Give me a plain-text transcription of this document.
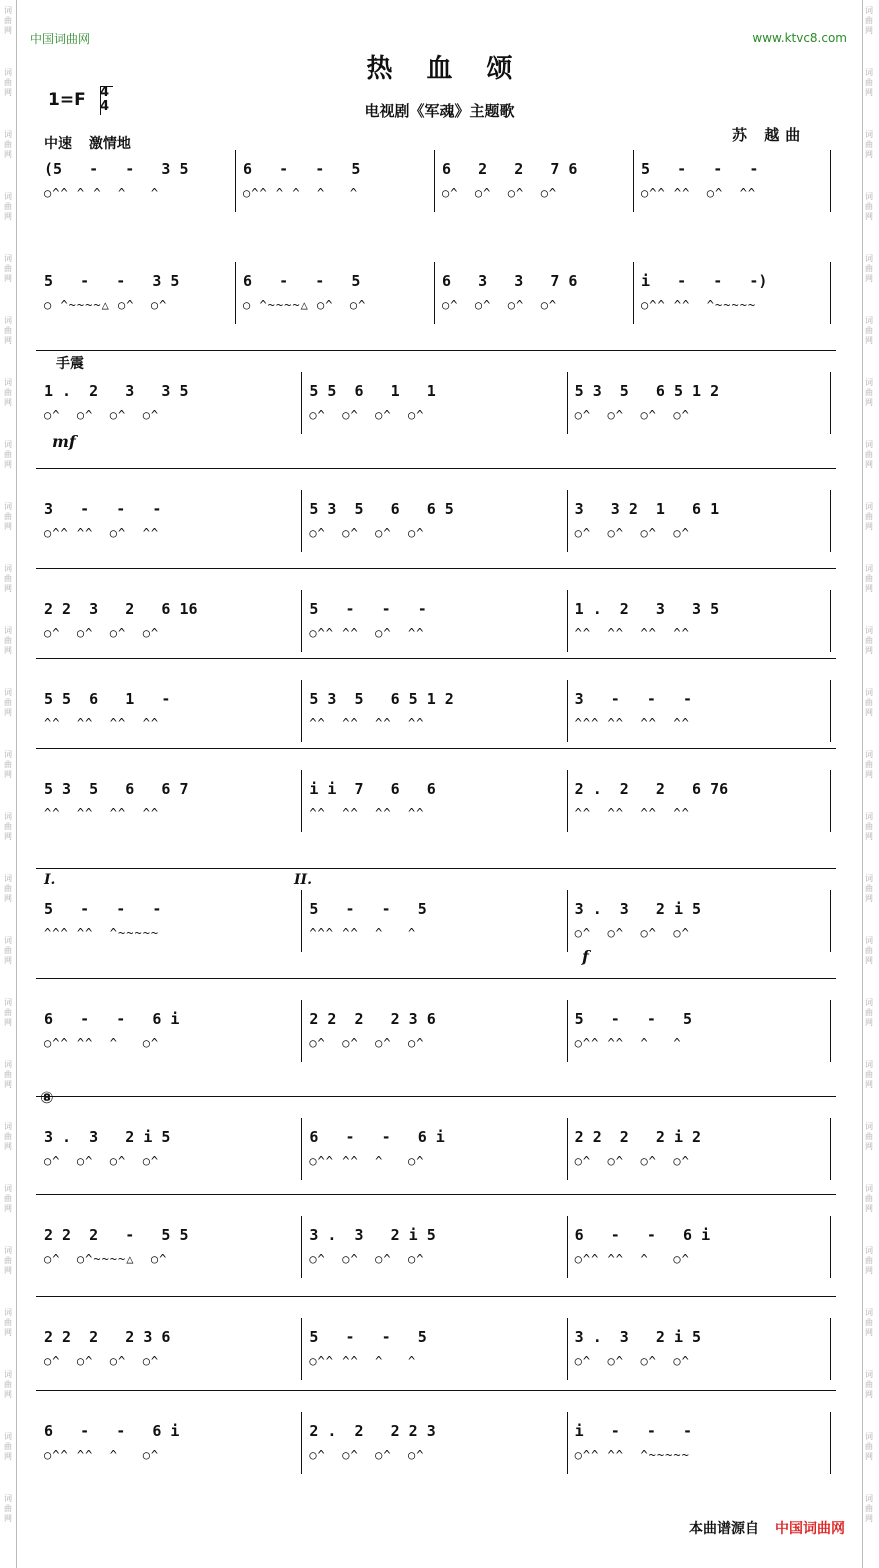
词
曲
网
词
曲
网
词
曲
网
词
曲
网
词
曲
网
词
曲
网
词
曲
网
词
曲
网
词
曲
网
词
曲
网
词
曲
网
词
曲
网
词
曲
网
词
曲
网
词
曲
网
词
曲
网
词
曲
网
词
曲
网
词
曲
网
词
曲
网
词
曲
网
词
曲
网
词
曲
网
词
曲
网
词
曲
网
词
曲
网
词
曲
网
词
曲
网
词
曲
网
词
曲
网
词
曲
网
词
曲
网
词
曲
网
词
曲
网
词
曲
网
词
曲
网
词
曲
网
词
曲
网
词
曲
网
词
曲
网
词
曲
网
词
曲
网
词
曲
网
词
曲
网
词
曲
网
词
曲
网
词
曲
网
词
曲
网
词
曲
网
词
曲
网
中国词曲网	www.ktvc8.com
热血颂
1=F 4
4	电视剧《军魂》主题歌
苏 越曲
中速 激情地
(5   -   -   3 5
○^^ ^ ^  ^   ^
6   -   -   5
○^^ ^ ^  ^   ^
6   2   2   7 6
○^  ○^  ○^  ○^
5   -   -   -
○^^ ^^  ○^  ^^
5   -   -   3 5
○ ^~~~~△ ○^  ○^
6   -   -   5
○ ^~~~~△ ○^  ○^
6   3   3   7 6
○^  ○^  ○^  ○^
i   -   -   -)
○^^ ^^  ^~~~~~
1 .  2   3   3 5
○^  ○^  ○^  ○^
5 5  6   1   1
○^  ○^  ○^  ○^
5 3  5   6 5 1 2
○^  ○^  ○^  ○^
3   -   -   -
○^^ ^^  ○^  ^^
5 3  5   6   6 5
○^  ○^  ○^  ○^
3   3 2  1   6 1
○^  ○^  ○^  ○^
2 2  3   2   6 16
○^  ○^  ○^  ○^
5   -   -   -
○^^ ^^  ○^  ^^
1 .  2   3   3 5
^^  ^^  ^^  ^^
5 5  6   1   -
^^  ^^  ^^  ^^
5 3  5   6 5 1 2
^^  ^^  ^^  ^^
3   -   -   -
^^^ ^^  ^^  ^^
5 3  5   6   6 7
^^  ^^  ^^  ^^
i i  7   6   6
^^  ^^  ^^  ^^
2 .  2   2   6 76
^^  ^^  ^^  ^^
5   -   -   -
^^^ ^^  ^~~~~~
5   -   -   5
^^^ ^^  ^   ^
3 .  3   2 i 5
○^  ○^  ○^  ○^
6   -   -   6 i
○^^ ^^  ^   ○^
2 2  2   2 3 6
○^  ○^  ○^  ○^
5   -   -   5
○^^ ^^  ^   ^
3 .  3   2 i 5
○^  ○^  ○^  ○^
6   -   -   6 i
○^^ ^^  ^   ○^
2 2  2   2 i 2
○^  ○^  ○^  ○^
2 2  2   -   5 5
○^  ○^~~~~△  ○^
3 .  3   2 i 5
○^  ○^  ○^  ○^
6   -   -   6 i
○^^ ^^  ^   ○^
2 2  2   2 3 6
○^  ○^  ○^  ○^
5   -   -   5
○^^ ^^  ^   ^
3 .  3   2 i 5
○^  ○^  ○^  ○^
6   -   -   6 i
○^^ ^^  ^   ○^
2 .  2   2 2 3
○^  ○^  ○^  ○^
i   -   -   -
○^^ ^^  ^~~~~~
手震
mf
f
I.	II.
⑧
本曲谱源自 中国词曲网
